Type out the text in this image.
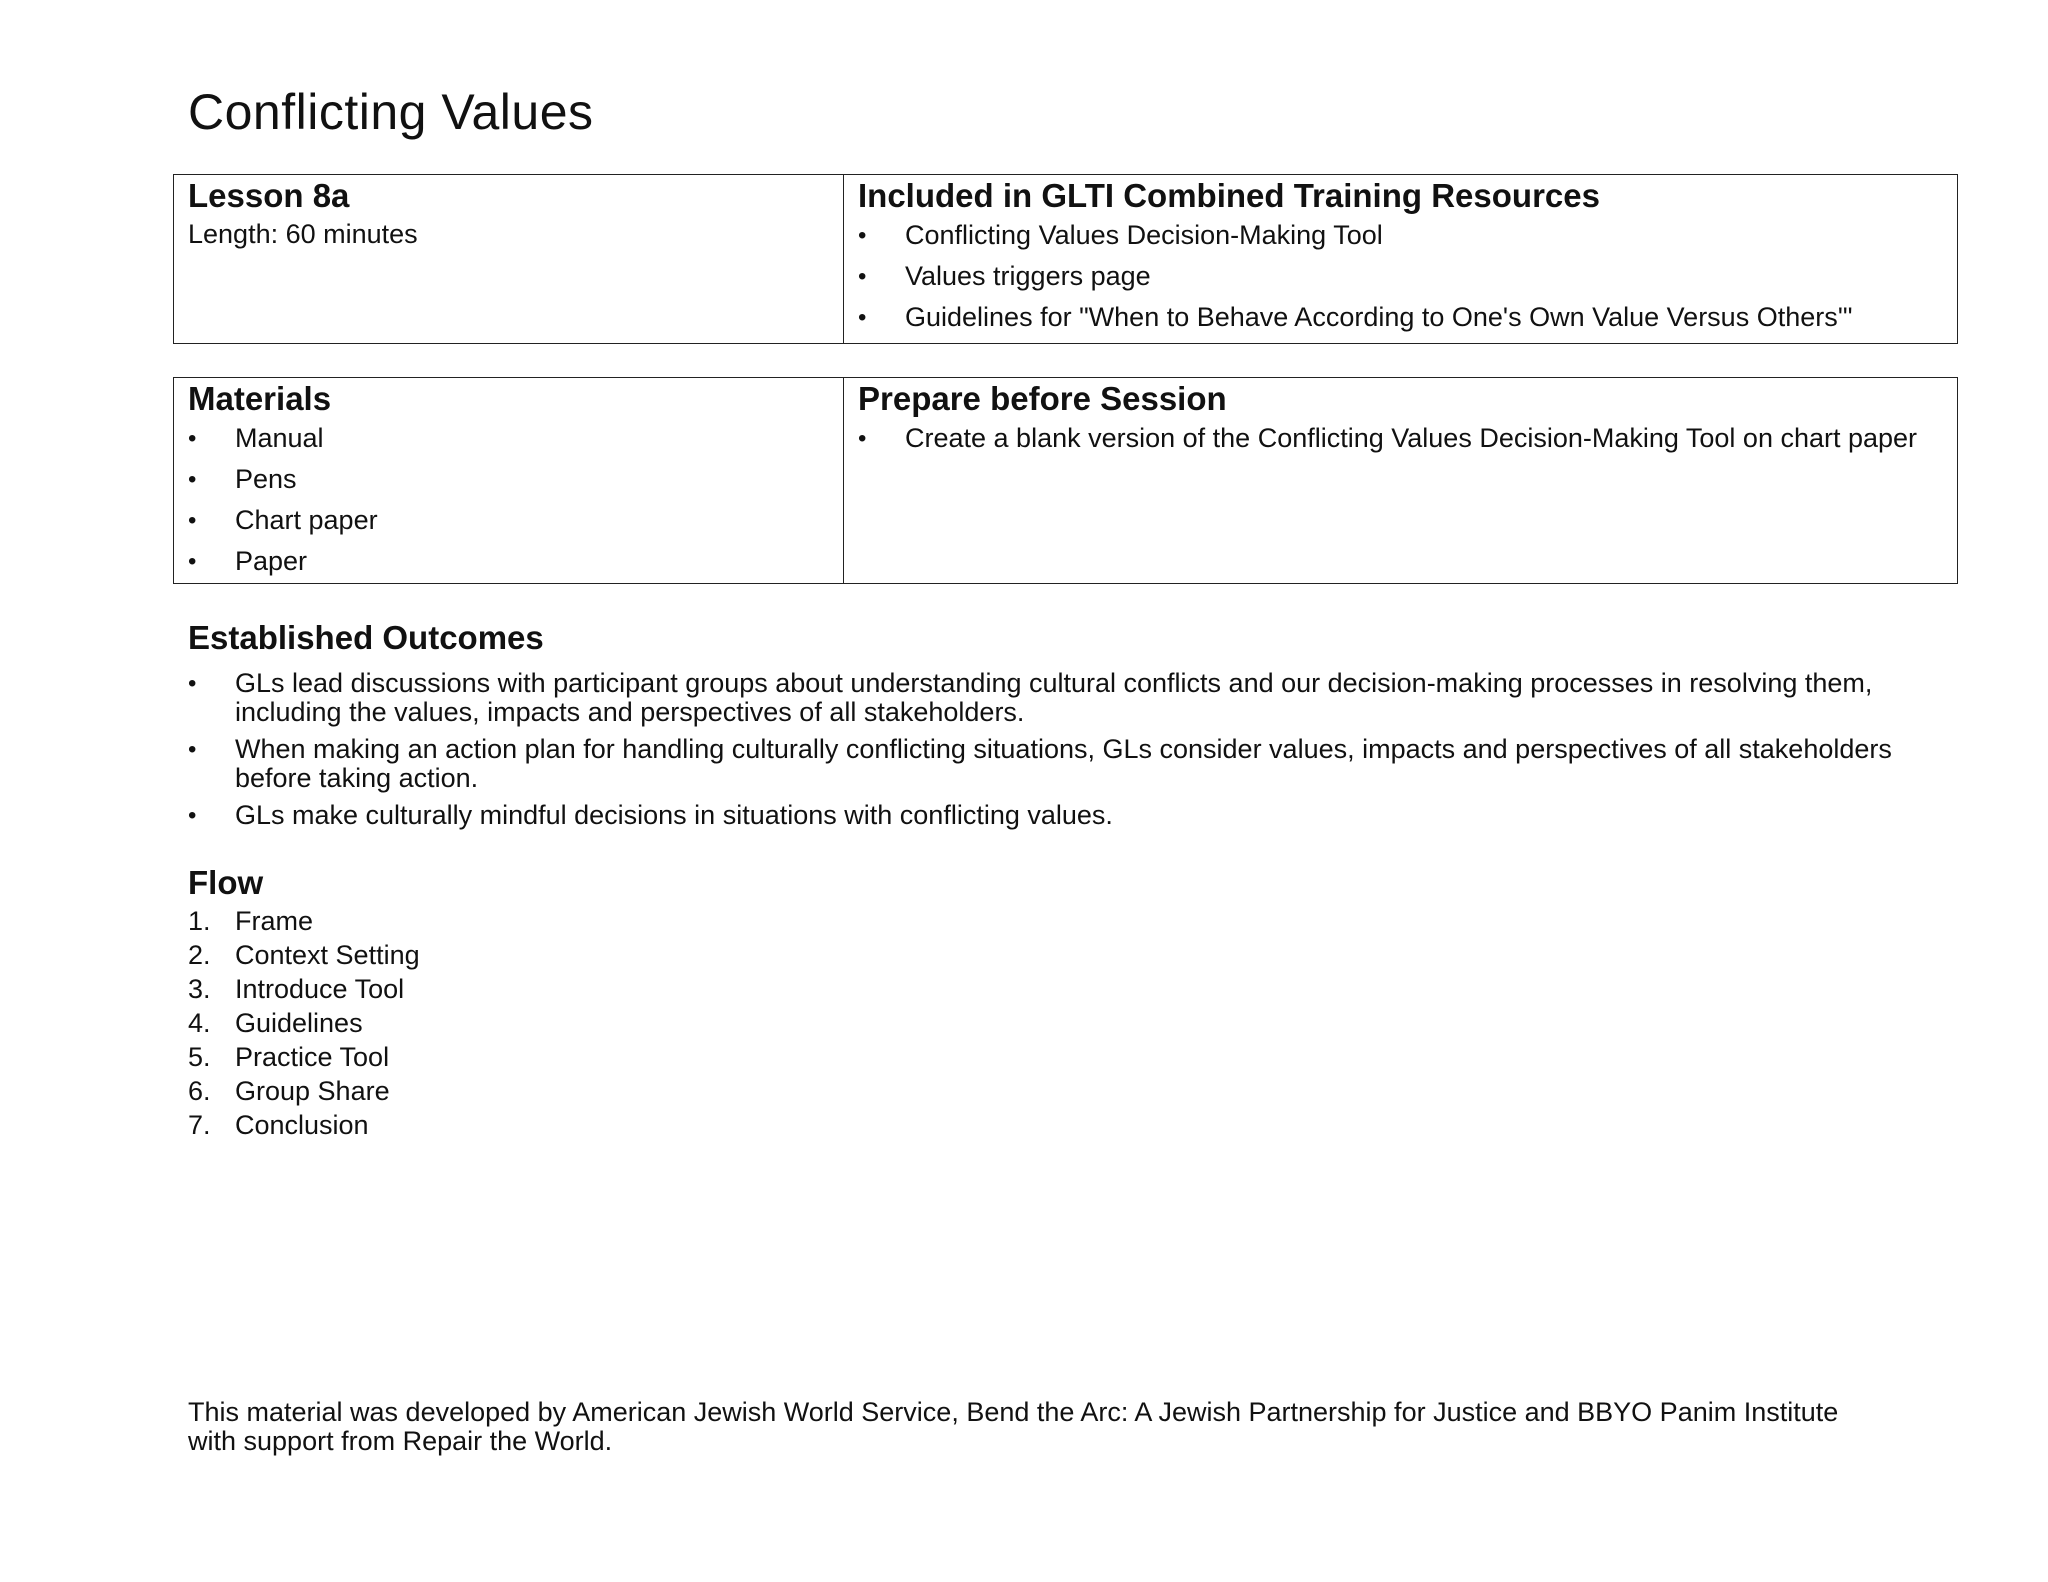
Conflicting Values

Lesson 8a

Length: 60 minutes

Included in GLTI Combined Training Resources

• Conflicting Values Decision-Making Tool
• Values triggers page
• Guidelines for "When to Behave According to One's Own Value Versus Others'"

Materials

• Manual
• Pens
• Chart paper
• Paper

Prepare before Session

• Create a blank version of the Conflicting Values Decision-Making Tool on chart paper

Established Outcomes

• GLs lead discussions with participant groups about understanding cultural conflicts and our decision-making processes in resolving them, including the values, impacts and perspectives of all stakeholders.
• When making an action plan for handling culturally conflicting situations, GLs consider values, impacts and perspectives of all stakeholders before taking action.
• GLs make culturally mindful decisions in situations with conflicting values.

Flow

1. Frame
2. Context Setting
3. Introduce Tool
4. Guidelines
5. Practice Tool
6. Group Share
7. Conclusion

This material was developed by American Jewish World Service, Bend the Arc: A Jewish Partnership for Justice and BBYO Panim Institute with support from Repair the World.
